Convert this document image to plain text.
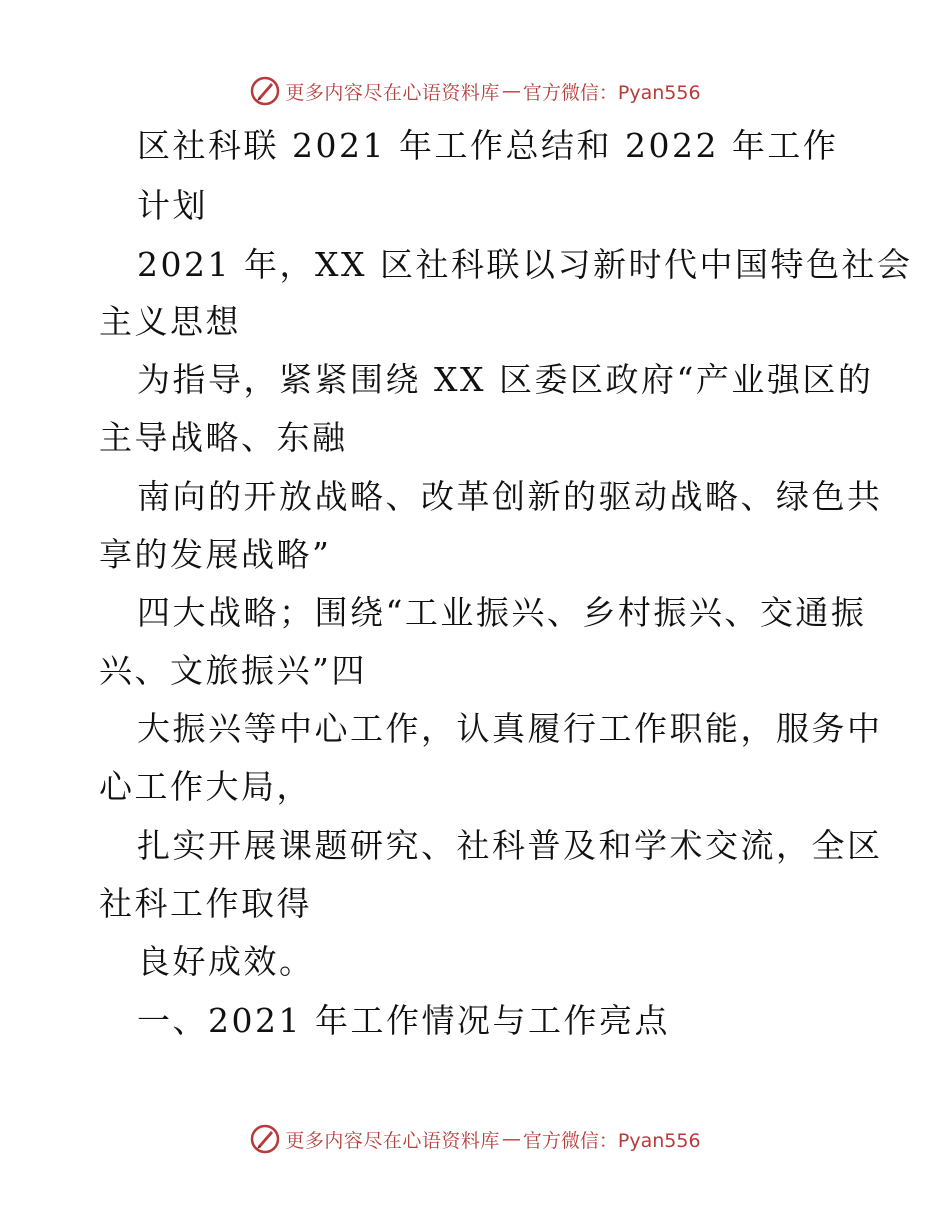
更多内容尽在心语资料库 — 官方微信：Pyan556
区社科联 2021 年工作总结和 2022 年工作
计划
2021 年，XX 区社科联以习新时代中国特色社会
主义思想
为指导，紧紧围绕 XX 区委区政府“产业强区的
主导战略、东融
南向的开放战略、改革创新的驱动战略、绿色共
享的发展战略”
四大战略；围绕“工业振兴、乡村振兴、交通振
兴、文旅振兴”四
大振兴等中心工作，认真履行工作职能，服务中
心工作大局，
扎实开展课题研究、社科普及和学术交流，全区
社科工作取得
良好成效。
一、2021 年工作情况与工作亮点
更多内容尽在心语资料库 — 官方微信：Pyan556
